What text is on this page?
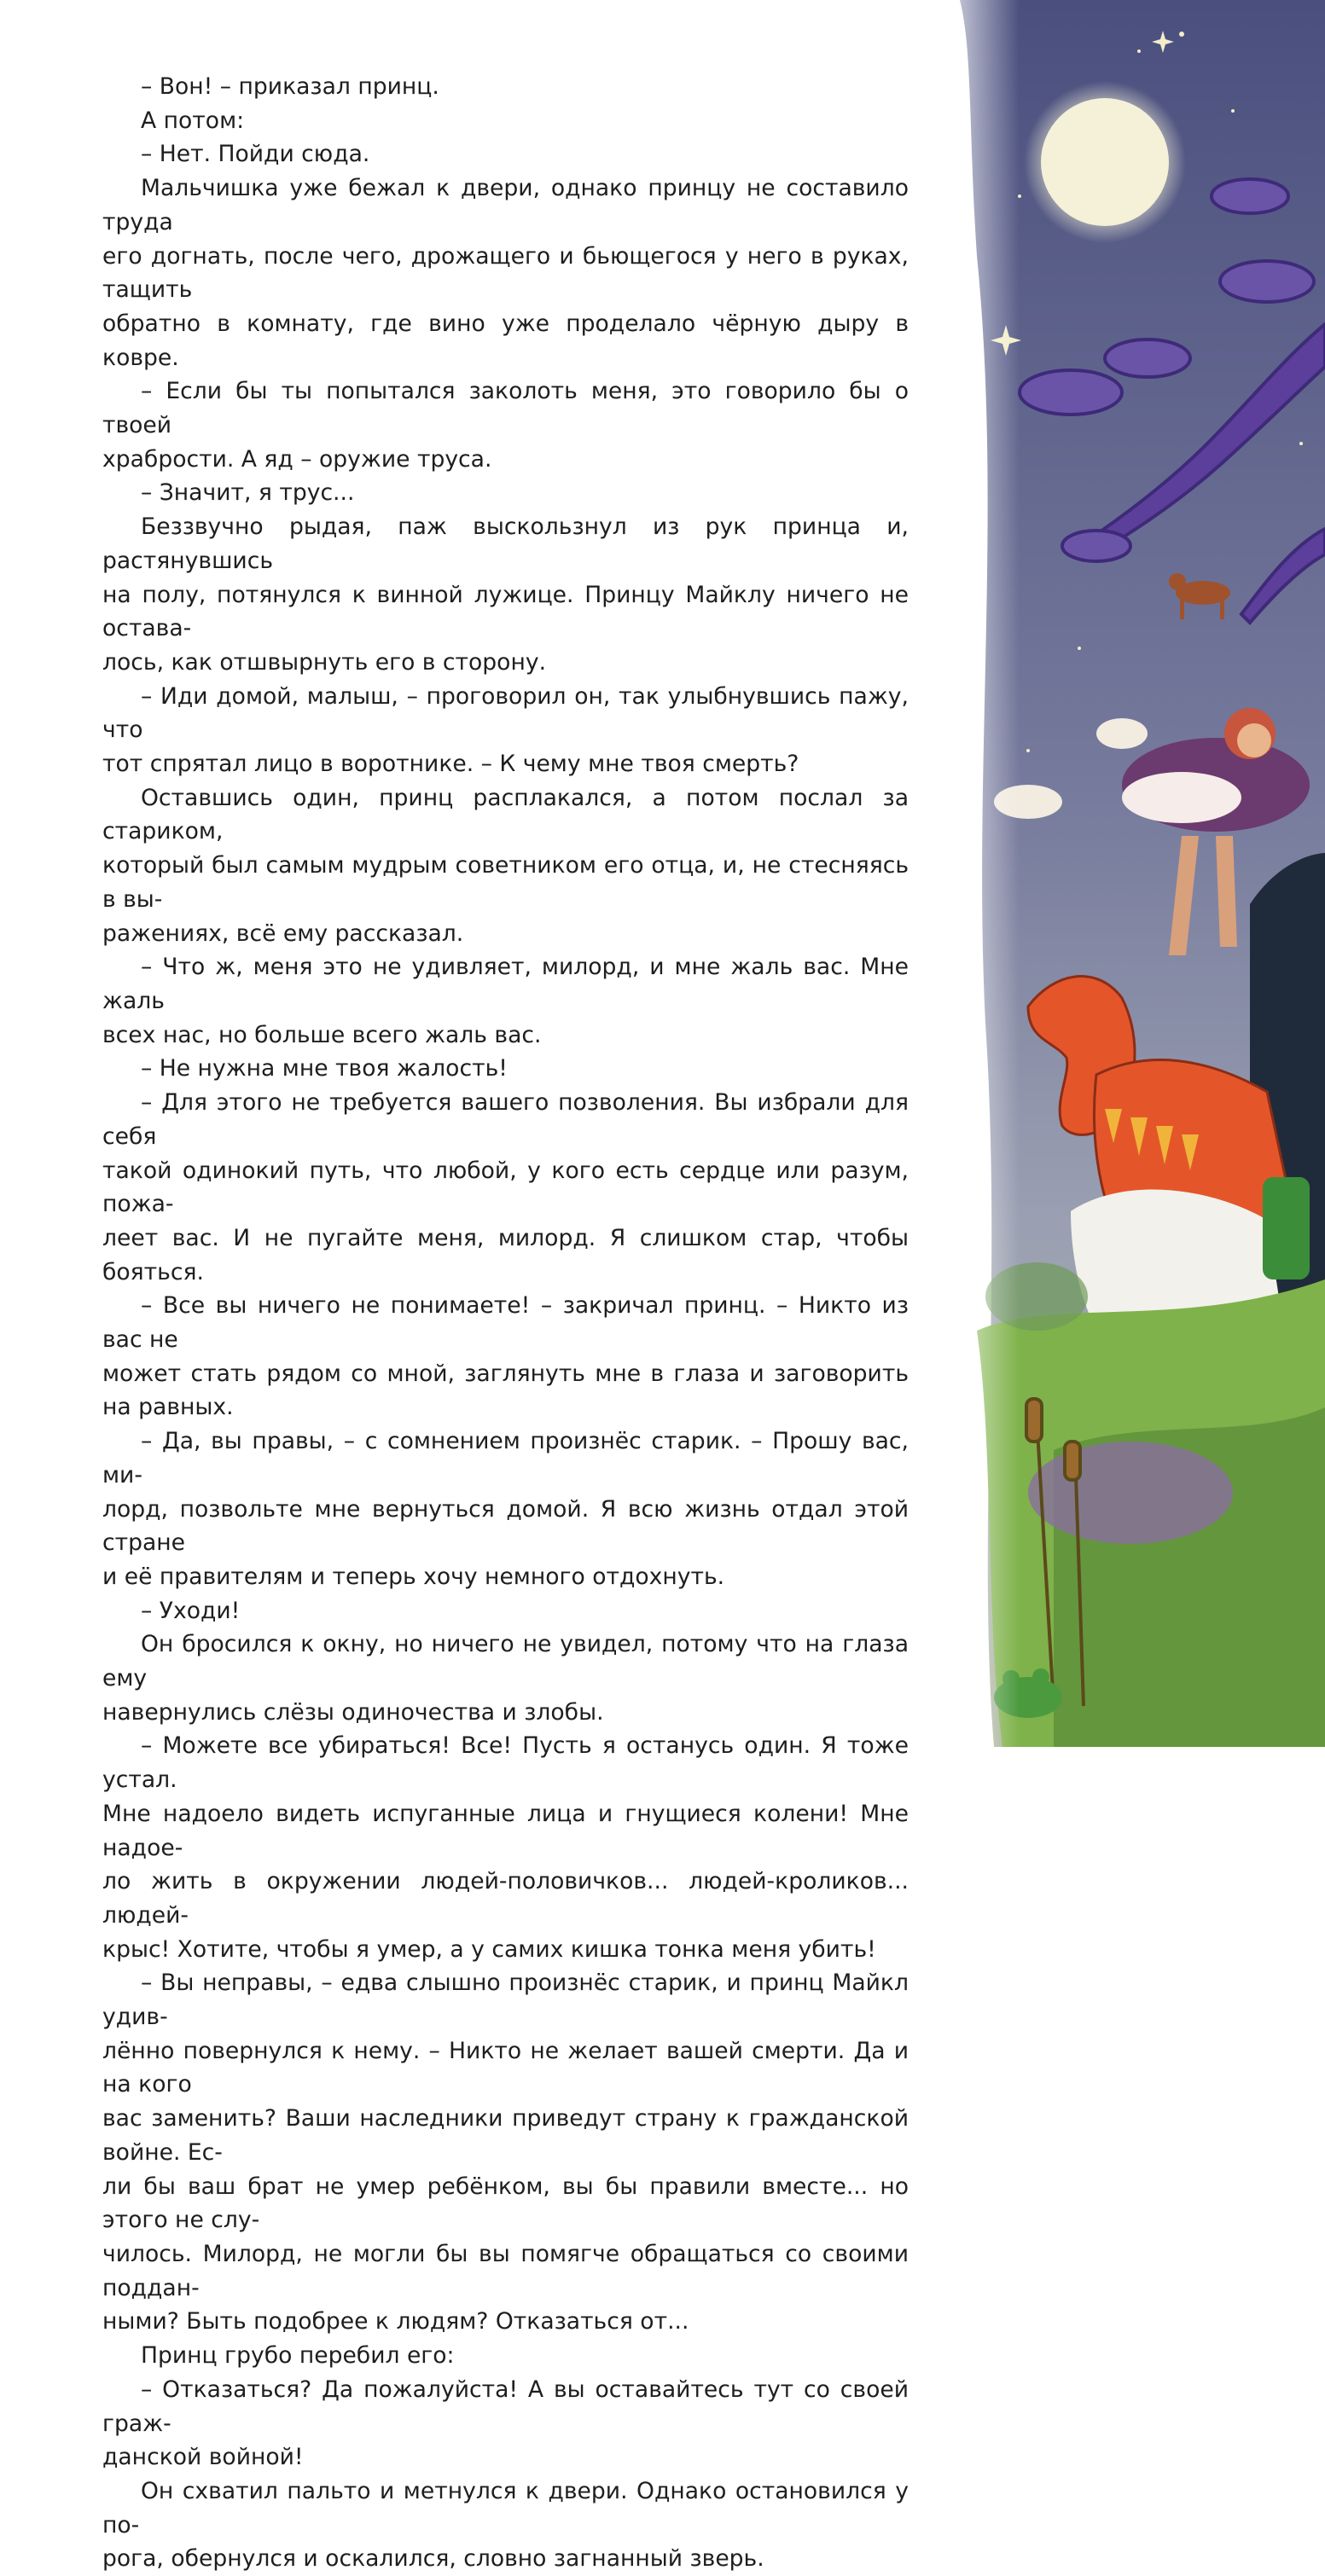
– Вон! – приказал принц.

А потом:

– Нет. Пойди сюда.

Мальчишка уже бежал к двери, однако принцу не составило труда
его догнать, после чего, дрожащего и бьющегося у него в руках, тащить
обратно в комнату, где вино уже проделало чёрную дыру в ковре.

– Если бы ты попытался заколоть меня, это говорило бы о твоей
храбрости. А яд – оружие труса.

– Значит, я трус...

Беззвучно рыдая, паж выскользнул из рук принца и, растянувшись
на полу, потянулся к винной лужице. Принцу Майклу ничего не остава-
лось, как отшвырнуть его в сторону.

– Иди домой, малыш, – проговорил он, так улыбнувшись пажу, что
тот спрятал лицо в воротнике. – К чему мне твоя смерть?

Оставшись один, принц расплакался, а потом послал за стариком,
который был самым мудрым советником его отца, и, не стесняясь в вы-
ражениях, всё ему рассказал.

– Что ж, меня это не удивляет, милорд, и мне жаль вас. Мне жаль
всех нас, но больше всего жаль вас.

– Не нужна мне твоя жалость!

– Для этого не требуется вашего позволения. Вы избрали для себя
такой одинокий путь, что любой, у кого есть сердце или разум, пожа-
леет вас. И не пугайте меня, милорд. Я слишком стар, чтобы бояться.

– Все вы ничего не понимаете! – закричал принц. – Никто из вас не
может стать рядом со мной, заглянуть мне в глаза и заговорить на равных.

– Да, вы правы, – с сомнением произнёс старик. – Прошу вас, ми-
лорд, позвольте мне вернуться домой. Я всю жизнь отдал этой стране
и её правителям и теперь хочу немного отдохнуть.

– Уходи!

Он бросился к окну, но ничего не увидел, потому что на глаза ему
навернулись слёзы одиночества и злобы.

– Можете все убираться! Все! Пусть я останусь один. Я тоже устал.
Мне надоело видеть испуганные лица и гнущиеся колени! Мне надое-
ло жить в окружении людей-половичков... людей-кроликов... людей-
крыс! Хотите, чтобы я умер, а у самих кишка тонка меня убить!

– Вы неправы, – едва слышно произнёс старик, и принц Майкл удив-
лённо повернулся к нему. – Никто не желает вашей смерти. Да и на кого
вас заменить? Ваши наследники приведут страну к гражданской войне. Ес-
ли бы ваш брат не умер ребёнком, вы бы правили вместе... но этого не слу-
чилось. Милорд, не могли бы вы помягче обращаться со своими поддан-
ными? Быть подобрее к людям? Отказаться от...

Принц грубо перебил его:

– Отказаться? Да пожалуйста! А вы оставайтесь тут со своей граж-
данской войной!

Он схватил пальто и метнулся к двери. Однако остановился у по-
рога, обернулся и оскалился, словно загнанный зверь.
